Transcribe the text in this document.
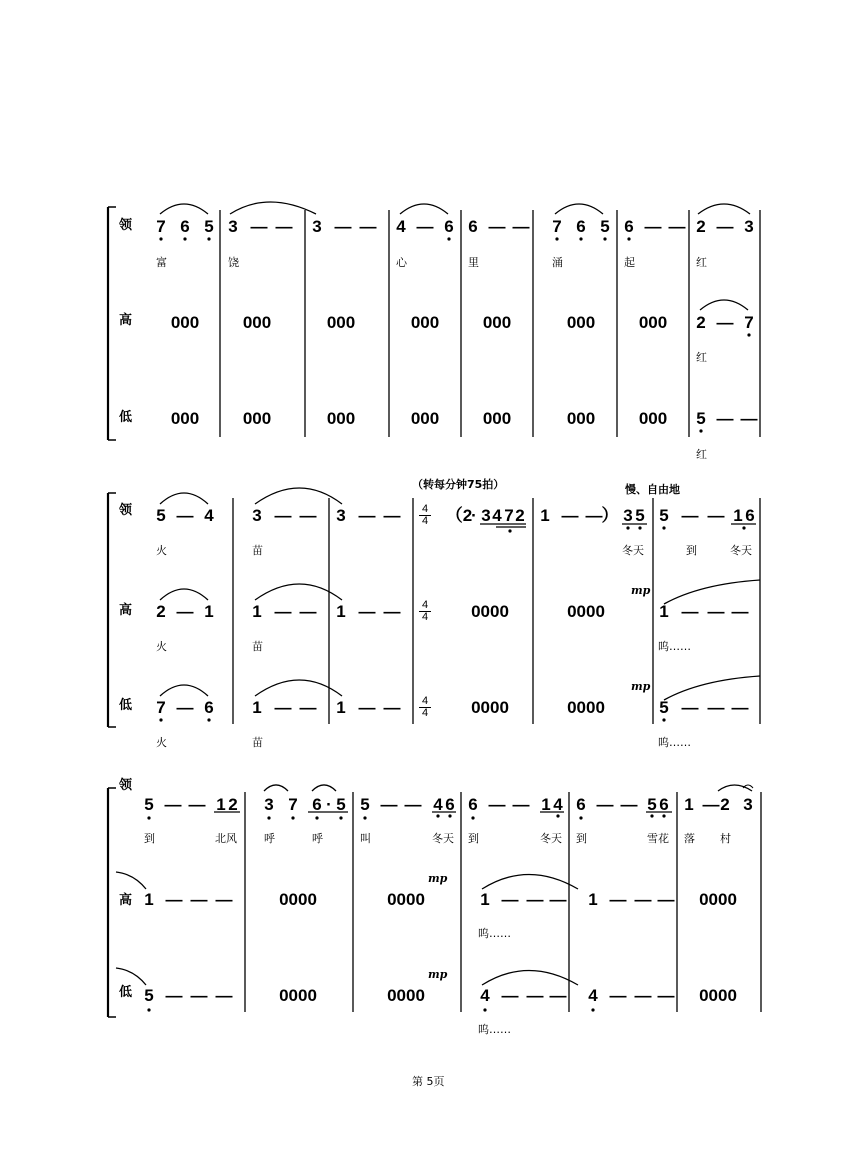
领
高
低
领
高
低
领
高
低
7 6 5 3 — — 3 — — 4 — 6 6 — — 7 6 5 6 — — 2 — 3
富	饶	心	里	涌	起	红
000	000	000	000	000	000	000 2 — 7
红
000	000	000	000	000	000	000 5 — —
红
（转每分钟75拍）	慢、自由地
5 — 4 3 — — 3 — — 4
4 （2
· 3 4 7 2 1 — — ） 3 5 5 — — 1 6
火	苗	冬天	到	冬天
2 — 1 1 — — 1 — — 4
4	0000	0000
mp
1 — — —
火	苗	呜……
7 — 6 1 — — 1 — — 4
4	0000	0000
mp
5 — — —
火	苗	呜……
5 — — 1 2 3 7 6 · 5 5 — — 4 6 6 — — 1 4 6 — — 5 6 1 — 2 3
到	北风 呼	呼	叫	冬天 到	冬天 到	雪花 落 村
1 — — —	0000	0000
mp
1 — — — 1 — — — 0000
呜……
5 — — —	0000	0000
mp
4 — — — 4 — — — 0000
呜……
第 5页
